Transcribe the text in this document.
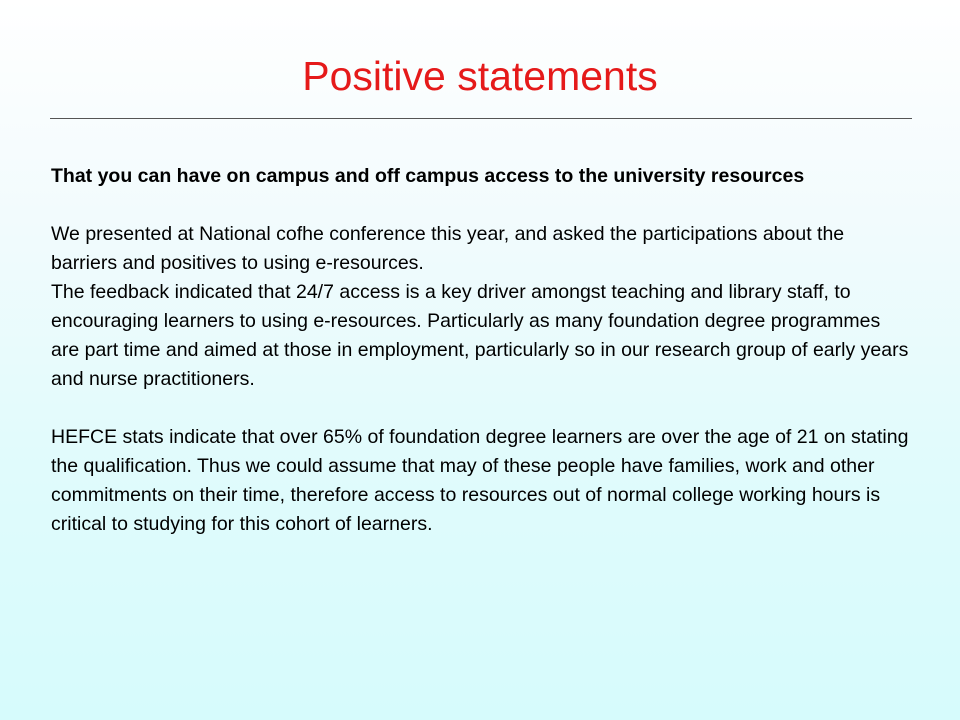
Positive statements

That you can have on campus and off campus access to the university resources

We presented at National cofhe conference this year, and asked the participations about the barriers and positives to using e-resources.

The feedback indicated that 24/7 access is a key driver amongst teaching and library staff, to encouraging learners to using e-resources. Particularly as many foundation degree programmes are part time and aimed at those in employment, particularly so in our research group of early years and nurse practitioners.

HEFCE stats indicate that over 65% of foundation degree learners are over the age of 21 on stating the qualification. Thus we could assume that may of these people have families, work and other commitments on their time, therefore access to resources out of normal college working hours is critical to studying for this cohort of learners.
